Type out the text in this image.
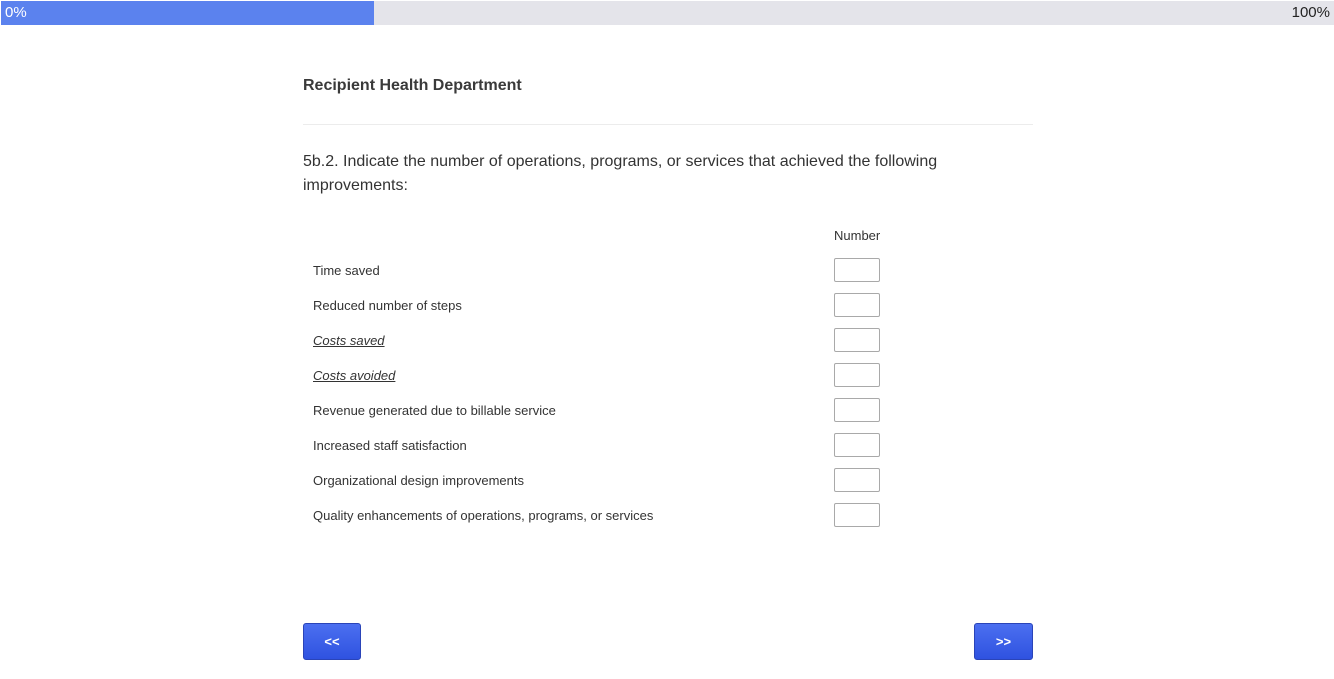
0%	100%
Recipient Health Department
5b.2. Indicate the number of operations, programs, or services that achieved the following improvements:
Number
Time saved
Reduced number of steps
Costs saved
Costs avoided
Revenue generated due to billable service
Increased staff satisfaction
Organizational design improvements
Quality enhancements of operations, programs, or services
<<	>>
